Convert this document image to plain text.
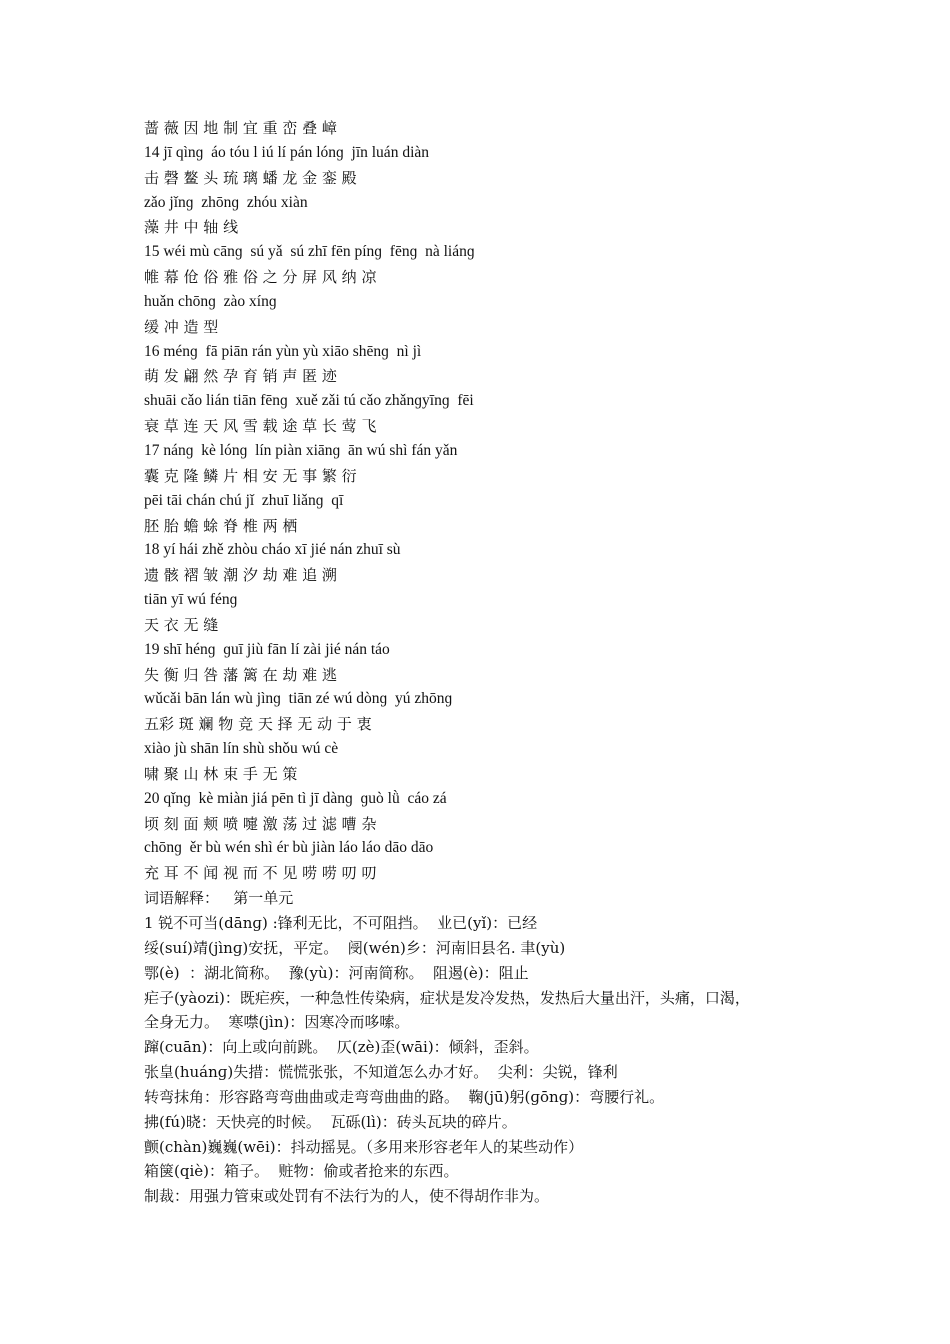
蔷 薇 因 地 制 宜 重 峦 叠 嶂
14 jī qìnɡ  áo tóu l iú lí pán lónɡ  jīn luán diàn
击 磬 鳌 头 琉 璃 蟠 龙 金 銮 殿
zǎo jǐnɡ  zhōnɡ  zhóu xiàn
藻 井 中 轴 线
15 wéi mù cānɡ  sú yǎ  sú zhī fēn pínɡ  fēnɡ  nà liánɡ
帷 幕 伧 俗 雅 俗 之 分 屏 风 纳 凉
huǎn chōnɡ  zào xínɡ
缓 冲 造 型
16 ménɡ  fā piān rán yùn yù xiāo shēnɡ  nì jì
萌 发 翩 然 孕 育 销 声 匿 迹
shuāi cǎo lián tiān fēnɡ  xuě zǎi tú cǎo zhǎnɡyīnɡ  fēi
衰 草 连 天 风 雪 载 途 草 长 莺 飞
17 nánɡ  kè lónɡ  lín piàn xiānɡ  ān wú shì fán yǎn
囊 克 隆 鳞 片 相 安 无 事 繁 衍
pēi tāi chán chú jǐ  zhuī liǎnɡ  qī
胚 胎 蟾 蜍 脊 椎 两 栖
18 yí hái zhě zhòu cháo xī jié nán zhuī sù
遗 骸 褶 皱 潮 汐 劫 难 追 溯
tiān yī wú fénɡ
天 衣 无 缝
19 shī hénɡ  ɡuī jiù fān lí zài jié nán táo
失 衡 归 咎 藩 篱 在 劫 难 逃
wǔcǎi bān lán wù jìnɡ  tiān zé wú dònɡ  yú zhōnɡ
五彩 斑 斓 物 竞 天 择 无 动 于 衷
xiào jù shān lín shù shǒu wú cè
啸 聚 山 林 束 手 无 策
20 qǐnɡ  kè miàn jiá pēn tì jī dànɡ  ɡuò lǜ  cáo zá
顷 刻 面 颊 喷 嚏 激 荡 过 滤 嘈 杂
chōnɡ  ěr bù wén shì ér bù jiàn láo láo dāo dāo
充 耳 不 闻 视 而 不 见 唠 唠 叨 叨
词语解释：   第一单元
1 锐不可当(dānɡ) :锋利无比，不可阻挡。  业已(yǐ)：已经
绥(suí)靖(jìnɡ)安抚，平定。  阌(wén)乡：河南旧县名. 聿(yù)
鄂(è)  ：湖北简称。  豫(yù)：河南简称。  阻遏(è)：阻止
疟子(yàozi)：既疟疾，一种急性传染病，症状是发冷发热，发热后大量出汗，头痛，口渴，
全身无力。  寒噤(jìn)：因寒冷而哆嗦。
蹿(cuān)：向上或向前跳。  仄(zè)歪(wāi)：倾斜，歪斜。
张皇(huánɡ)失措：慌慌张张，不知道怎么办才好。  尖利：尖锐，锋利
转弯抹角：形容路弯弯曲曲或走弯弯曲曲的路。  鞠(jū)躬(ɡōnɡ)：弯腰行礼。
拂(fú)晓：天快亮的时候。  瓦砾(lì)：砖头瓦块的碎片。
颤(chàn)巍巍(wēi)：抖动摇晃。（多用来形容老年人的某些动作）
箱箧(qiè)：箱子。  赃物：偷或者抢来的东西。
制裁：用强力管束或处罚有不法行为的人，使不得胡作非为。
